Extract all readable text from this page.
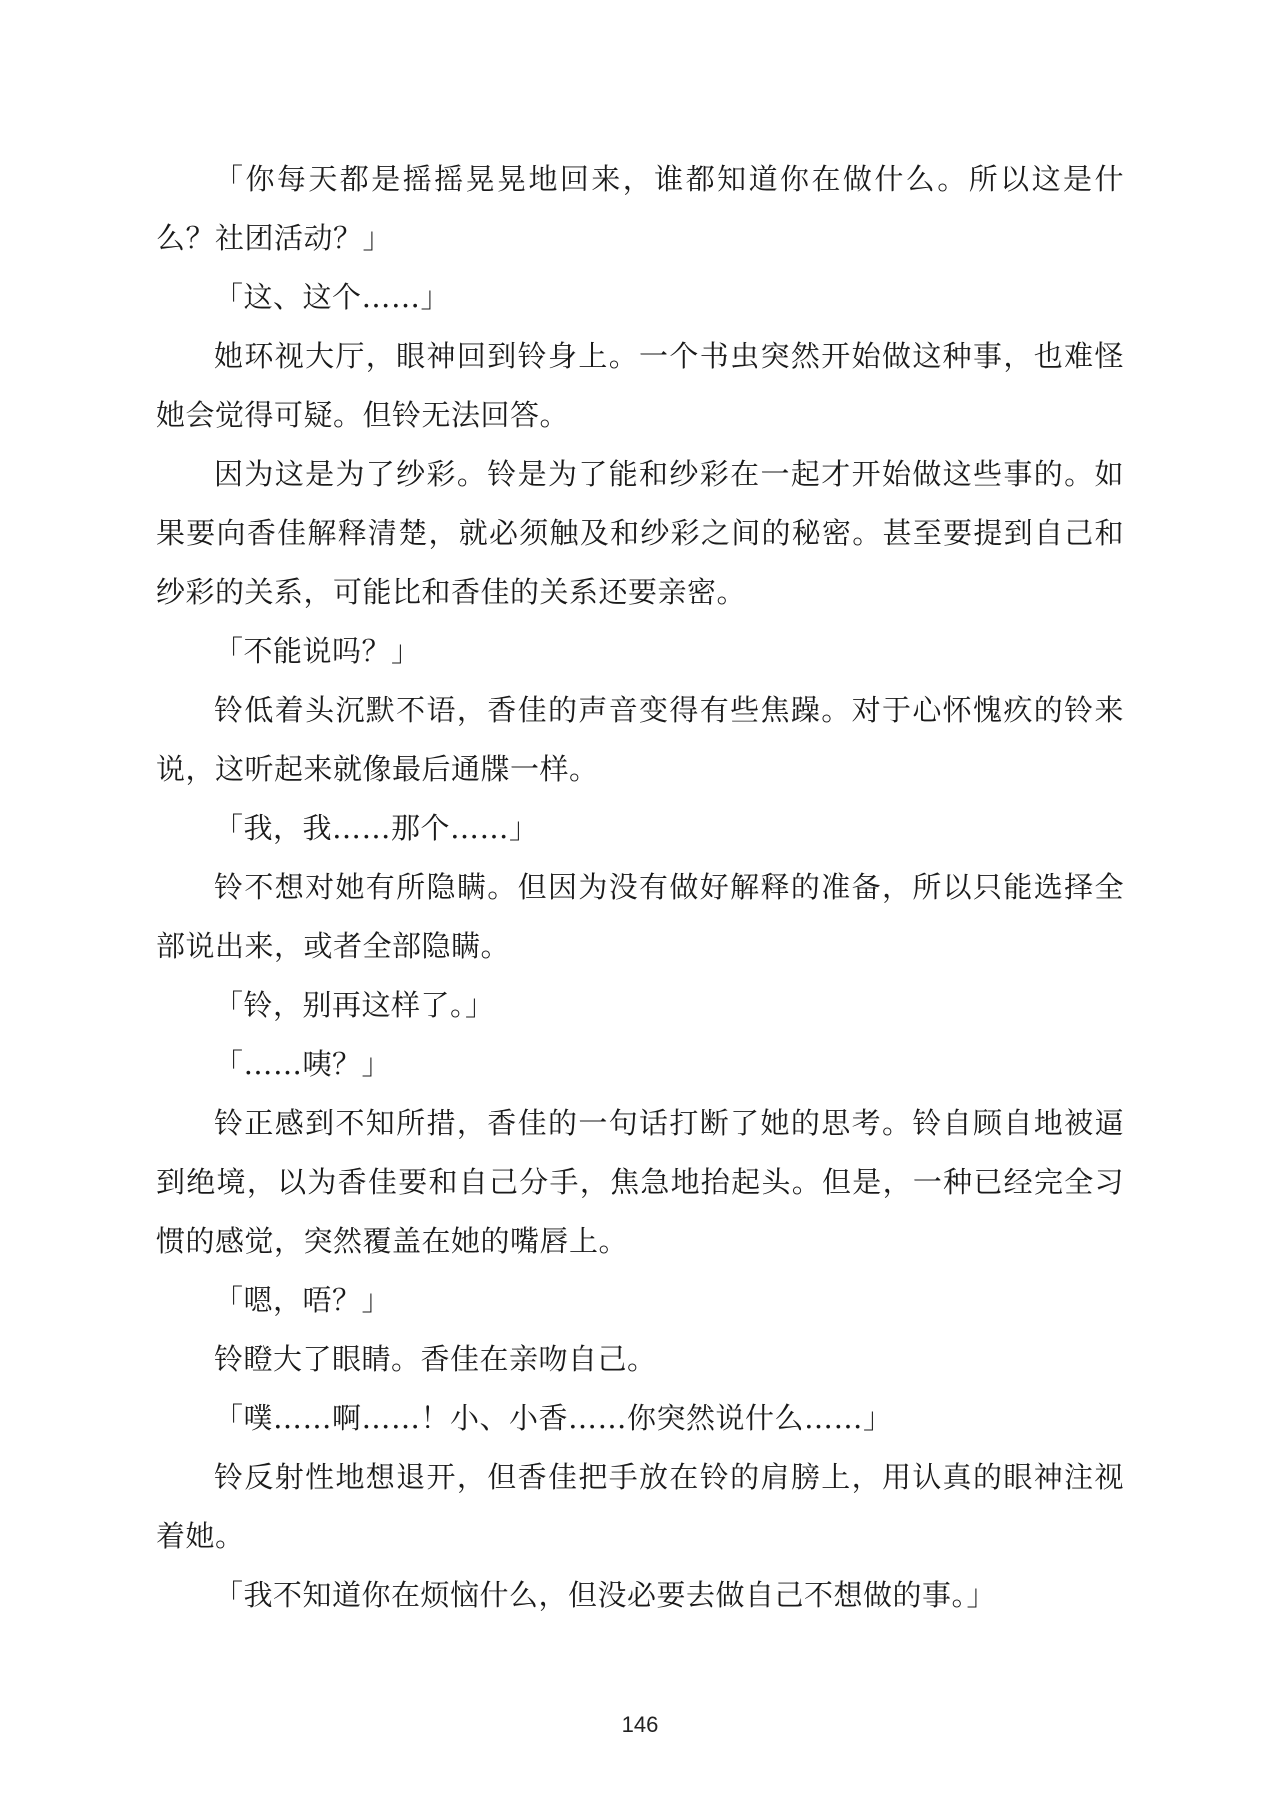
「你每天都是摇摇晃晃地回来，谁都知道你在做什么。所以这是什么？社团活动？」

「这、这个……」

她环视大厅，眼神回到铃身上。一个书虫突然开始做这种事，也难怪她会觉得可疑。但铃无法回答。

因为这是为了纱彩。铃是为了能和纱彩在一起才开始做这些事的。如果要向香佳解释清楚，就必须触及和纱彩之间的秘密。甚至要提到自己和纱彩的关系，可能比和香佳的关系还要亲密。

「不能说吗？」

铃低着头沉默不语，香佳的声音变得有些焦躁。对于心怀愧疚的铃来说，这听起来就像最后通牒一样。

「我，我……那个……」

铃不想对她有所隐瞒。但因为没有做好解释的准备，所以只能选择全部说出来，或者全部隐瞒。

「铃，别再这样了。」

「……咦？」

铃正感到不知所措，香佳的一句话打断了她的思考。铃自顾自地被逼到绝境，以为香佳要和自己分手，焦急地抬起头。但是，一种已经完全习惯的感觉，突然覆盖在她的嘴唇上。

「嗯，唔？」

铃瞪大了眼睛。香佳在亲吻自己。

「噗……啊……！小、小香……你突然说什么……」

铃反射性地想退开，但香佳把手放在铃的肩膀上，用认真的眼神注视着她。

「我不知道你在烦恼什么，但没必要去做自己不想做的事。」

146
